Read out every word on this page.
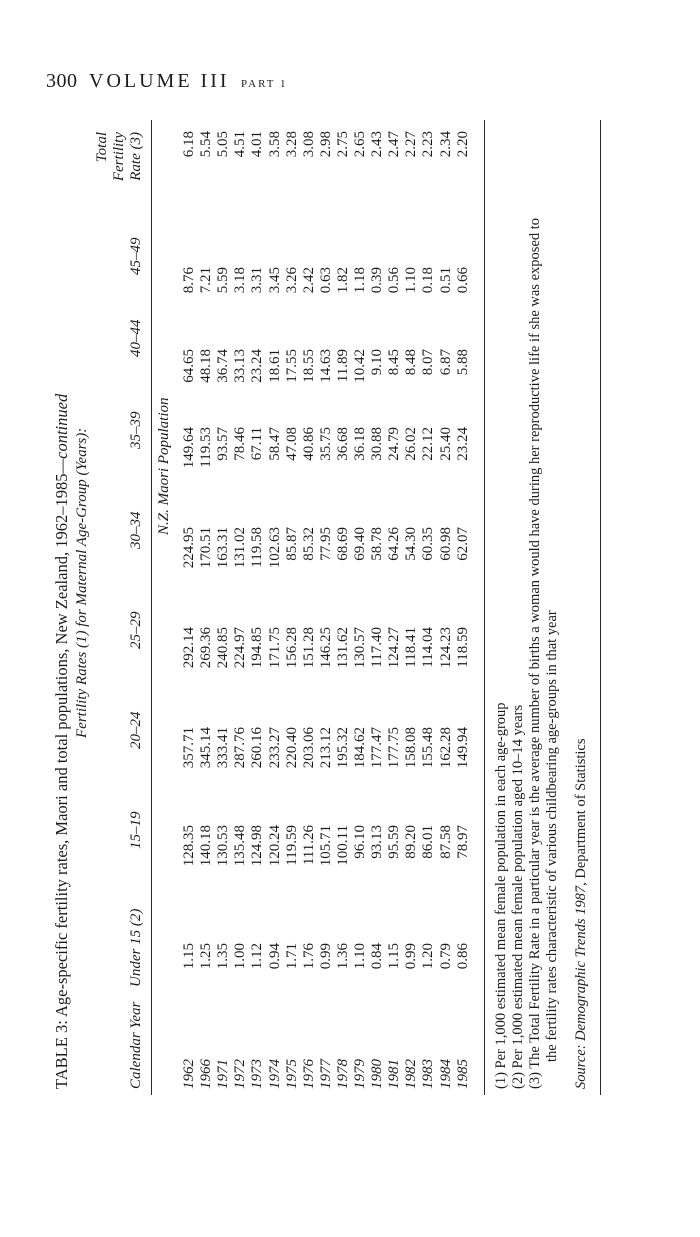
300 VOLUME III PART 1
TABLE 3: Age-specific fertility rates, Maori and total populations, New Zealand, 1962–1985—continued Fertility Rates (1) for Maternal Age-Group (Years):
Calendar Year
Under 15 (2)
15–19
20–24
25–29
30–34
35–39
40–44
45–49
Total Fertility Rate (3)
N.Z. Maori Population
1962
1.15
128.35
357.71
292.14
224.95
149.64
64.65
8.76
6.18
1966
1.25
140.18
345.14
269.36
170.51
119.53
48.18
7.21
5.54
1971
1.35
130.53
333.41
240.85
163.31
93.57
36.74
5.59
5.05
1972
1.00
135.48
287.76
224.97
131.02
78.46
33.13
3.18
4.51
1973
1.12
124.98
260.16
194.85
119.58
67.11
23.24
3.31
4.01
1974
0.94
120.24
233.27
171.75
102.63
58.47
18.61
3.45
3.58
1975
1.71
119.59
220.40
156.28
85.87
47.08
17.55
3.26
3.28
1976
1.76
111.26
203.06
151.28
85.32
40.86
18.55
2.42
3.08
1977
0.99
105.71
213.12
146.25
77.95
35.75
14.63
0.63
2.98
1978
1.36
100.11
195.32
131.62
68.69
36.68
11.89
1.82
2.75
1979
1.10
96.10
184.62
130.57
69.40
36.18
10.42
1.18
2.65
1980
0.84
93.13
177.47
117.40
58.78
30.88
9.10
0.39
2.43
1981
1.15
95.59
177.75
124.27
64.26
24.79
8.45
0.56
2.47
1982
0.99
89.20
158.08
118.41
54.30
26.02
8.48
1.10
2.27
1983
1.20
86.01
155.48
114.04
60.35
22.12
8.07
0.18
2.23
1984
0.79
87.58
162.28
124.23
60.98
25.40
6.87
0.51
2.34
1985
0.86
78.97
149.94
118.59
62.07
23.24
5.88
0.66
2.20
(1) Per 1,000 estimated mean female population in each age-group (2) Per 1,000 estimated mean female population aged 10–14 years (3) The Total Fertility Rate in a particular year is the average number of births a woman would have during her reproductive life if she was exposed to the fertility rates characteristic of various childbearing age-groups in that year
Source: Demographic Trends 1987, Department of Statistics
